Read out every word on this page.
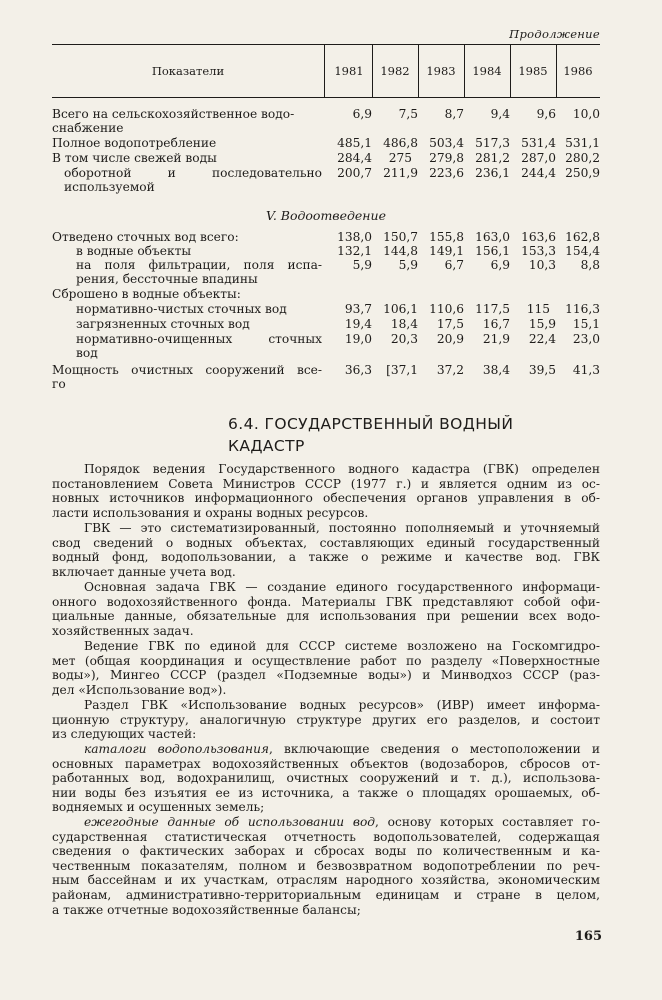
Продолжение
Показатели	1981	1982	1983	1984	1985	1986
Всего на сельскохозяйственное водо-	6,9	7,5	8,7	9,4	9,6	10,0
снабжение
Полное водопотребление	485,1 486,8 503,4 517,3 531,4 531,1
В том числе свежей воды	284,4	275	279,8 281,2 287,0 280,2
оборотной и последовательно	200,7 211,9 223,6 236,1 244,4 250,9
используемой
V. Водоотведение
Отведено сточных вод всего:	138,0 150,7 155,8 163,0 163,6 162,8
в водные объекты	132,1 144,8 149,1 156,1 153,3 154,4
на поля фильтрации, поля испа-	5,9	5,9	6,7	6,9	10,3	8,8
рения, бессточные впадины
Сброшено в водные объекты:
нормативно-чистых сточных вод	93,7 106,1 110,6 117,5	115	116,3
загрязненных сточных вод	19,4	18,4	17,5	16,7	15,9	15,1
нормативно-очищенных сточных	19,0	20,3	20,9	21,9	22,4	23,0
вод
Мощность очистных сооружений все-	36,3	[37,1	37,2	38,4	39,5	41,3
го
6.4. ГОСУДАРСТВЕННЫЙ ВОДНЫЙ
КАДАСТР
Порядок ведения Государственного водного кадастра (ГВК) определен
постановлением Совета Министров СССР (1977 г.) и является одним из ос-
новных источников информационного обеспечения органов управления в об-
ласти использования и охраны водных ресурсов.
ГВК — это систематизированный, постоянно пополняемый и уточняемый
свод сведений о водных объектах, составляющих единый государственный
водный фонд, водопользовании, а также о режиме и качестве вод. ГВК
включает данные учета вод.
Основная задача ГВК — создание единого государственного информаци-
онного водохозяйственного фонда. Материалы ГВК представляют собой офи-
циальные данные, обязательные для использования при решении всех водо-
хозяйственных задач.
Ведение ГВК по единой для СССР системе возложено на Госкомгидро-
мет (общая координация и осуществление работ по разделу «Поверхностные
воды»), Мингео СССР (раздел «Подземные воды») и Минводхоз СССР (раз-
дел «Использование вод»).
Раздел ГВК «Использование водных ресурсов» (ИВР) имеет информа-
ционную структуру, аналогичную структуре других его разделов, и состоит
из следующих частей:
каталоги водопользования, включающие сведения о местоположении и
основных параметрах водохозяйственных объектов (водозаборов, сбросов от-
работанных вод, водохранилищ, очистных сооружений и т. д.), использова-
нии воды без изъятия ее из источника, а также о площадях орошаемых, об-
водняемых и осушенных земель;
ежегодные данные об использовании вод, основу которых составляет го-
сударственная статистическая отчетность водопользователей, содержащая
сведения о фактических заборах и сбросах воды по количественным и ка-
чественным показателям, полном и безвозвратном водопотреблении по реч-
ным бассейнам и их участкам, отраслям народного хозяйства, экономическим
районам, административно-территориальным единицам и стране в целом,
а также отчетные водохозяйственные балансы;
165
